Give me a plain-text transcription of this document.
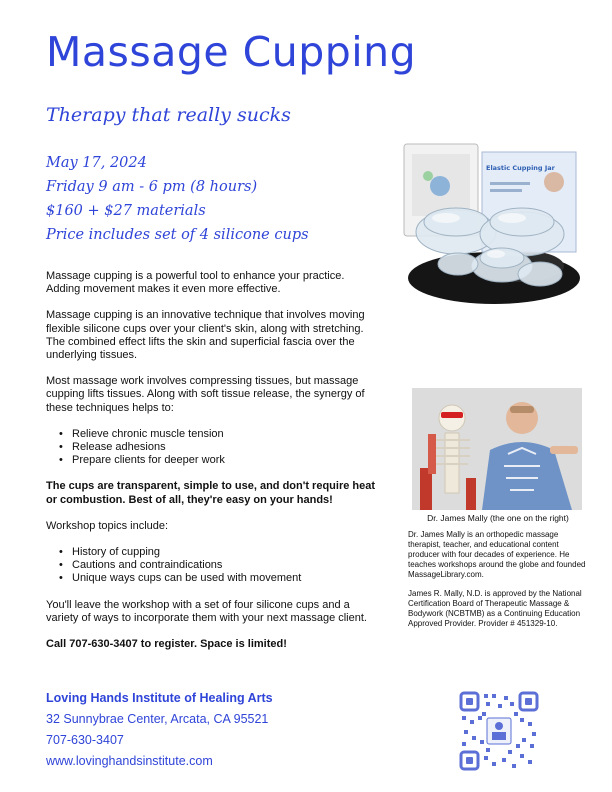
Massage Cupping
Therapy that really sucks
May 17, 2024
Friday 9 am - 6 pm (8 hours)
$160 + $27 materials
Price includes set of 4 silicone cups
Elastic Cupping Jar

Massage cupping is a powerful tool to enhance your practice. Adding movement makes it even more effective.

Massage cupping is an innovative technique that involves moving flexible silicone cups over your client's skin, along with stretching. The combined effect lifts the skin and superficial fascia over the underlying tissues.

Most massage work involves compressing tissues, but massage cupping lifts tissues. Along with soft tissue release, the synergy of these techniques helps to:

• Relieve chronic muscle tension
• Release adhesions
• Prepare clients for deeper work

The cups are transparent, simple to use, and don't require heat or combustion. Best of all, they're easy on your hands!

Workshop topics include:

• History of cupping
• Cautions and contraindications
• Unique ways cups can be used with movement

You'll leave the workshop with a set of four silicone cups and a variety of ways to incorporate them with your next massage client.

Call 707-630-3407 to register. Space is limited!

Dr. James Mally (the one on the right)

Dr. James Mally is an orthopedic massage therapist, teacher, and educational content producer with four decades of experience. He teaches workshops around the globe and founded MassageLibrary.com.

James R. Mally, N.D. is approved by the National Certification Board of Therapeutic Massage & Bodywork (NCBTMB) as a Continuing Education Approved Provider. Provider # 451329-10.

Loving Hands Institute of Healing Arts
32 Sunnybrae Center, Arcata, CA 95521
707-630-3407
www.lovinghandsinstitute.com
